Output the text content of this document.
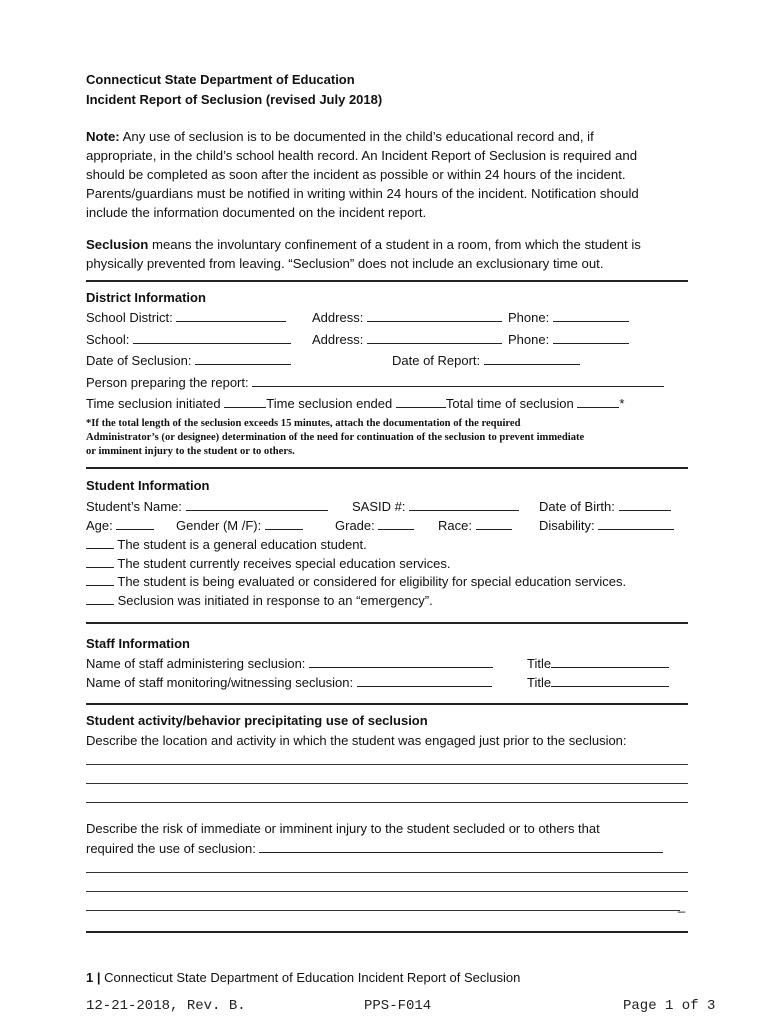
Connecticut State Department of Education
Incident Report of Seclusion (revised July 2018)
Note: Any use of seclusion is to be documented in the child’s educational record and, if
appropriate, in the child’s school health record. An Incident Report of Seclusion is required and
should be completed as soon after the incident as possible or within 24 hours of the incident.
Parents/guardians must be notified in writing within 24 hours of the incident. Notification should
include the information documented on the incident report.
Seclusion means the involuntary confinement of a student in a room, from which the student is
physically prevented from leaving. “Seclusion” does not include an exclusionary time out.
District Information
School District:	Address:	Phone:
School:	Address:	Phone:
Date of Seclusion:	Date of Report:
Person preparing the report:
Time seclusion initiated	Time seclusion ended	Total time of seclusion	*
*If the total length of the seclusion exceeds 15 minutes, attach the documentation of the required
Administrator’s (or designee) determination of the need for continuation of the seclusion to prevent immediate
or imminent injury to the student or to others.
Student Information
Student’s Name:	SASID #:	Date of Birth:
Age:	Gender (M /F):	Grade:	Race:	Disability:
The student is a general education student.
The student currently receives special education services.
The student is being evaluated or considered for eligibility for special education services.
Seclusion was initiated in response to an “emergency”.
Staff Information
Name of staff administering seclusion:	Title
Name of staff monitoring/witnessing seclusion:	Title
Student activity/behavior precipitating use of seclusion
Describe the location and activity in which the student was engaged just prior to the seclusion:
Describe the risk of immediate or imminent injury to the student secluded or to others that
required the use of seclusion:
_
1 | Connecticut State Department of Education Incident Report of Seclusion
12-21-2018, Rev. B.	PPS-F014	Page 1 of 3
